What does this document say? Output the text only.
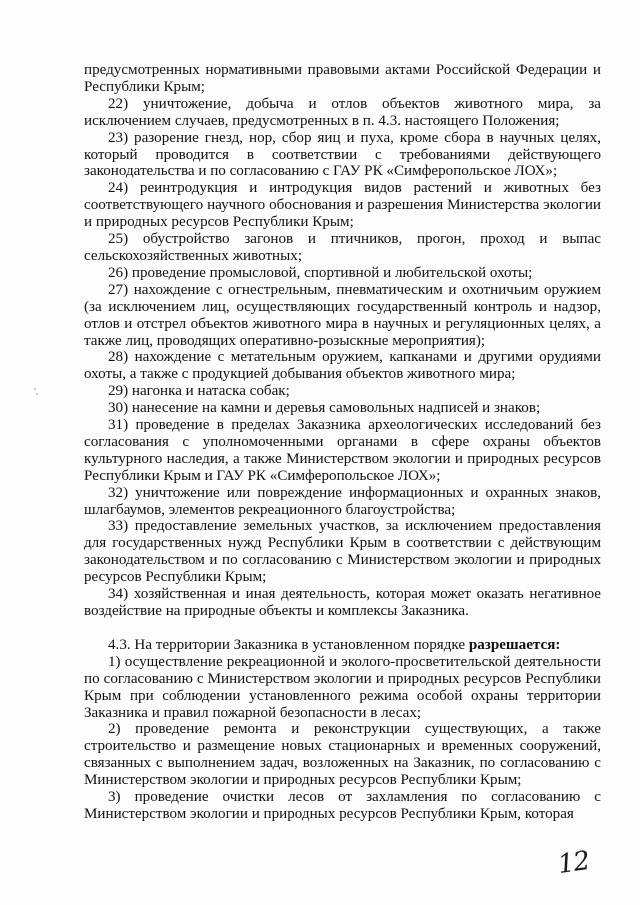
предусмотренных нормативными правовыми актами Российской Федерации и Республики Крым;

22) уничтожение, добыча и отлов объектов животного мира, за исключением случаев, предусмотренных в п. 4.3. настоящего Положения;

23) разорение гнезд, нор, сбор яиц и пуха, кроме сбора в научных целях, который проводится в соответствии с требованиями действующего законодательства и по согласованию с ГАУ РК «Симферопольское ЛОХ»;

24) реинтродукция и интродукция видов растений и животных без соответствующего научного обоснования и разрешения Министерства экологии и природных ресурсов Республики Крым;

25) обустройство загонов и птичников, прогон, проход и выпас сельскохозяйственных животных;

26) проведение промысловой, спортивной и любительской охоты;

27) нахождение с огнестрельным, пневматическим и охотничьим оружием (за исключением лиц, осуществляющих государственный контроль и надзор, отлов и отстрел объектов животного мира в научных и регуляционных целях, а также лиц, проводящих оперативно-розыскные мероприятия);

28) нахождение с метательным оружием, капканами и другими орудиями охоты, а также с продукцией добывания объектов животного мира;

29) нагонка и натаска собак;

30) нанесение на камни и деревья самовольных надписей и знаков;

31) проведение в пределах Заказника археологических исследований без согласования с уполномоченными органами в сфере охраны объектов культурного наследия, а также Министерством экологии и природных ресурсов Республики Крым и ГАУ РК «Симферопольское ЛОХ»;

32) уничтожение или повреждение информационных и охранных знаков, шлагбаумов, элементов рекреационного благоустройства;

33) предоставление земельных участков, за исключением предоставления для государственных нужд Республики Крым в соответствии с действующим законодательством и по согласованию с Министерством экологии и природных ресурсов Республики Крым;

34) хозяйственная и иная деятельность, которая может оказать негативное воздействие на природные объекты и комплексы Заказника.

4.3. На территории Заказника в установленном порядке разрешается:

1) осуществление рекреационной и эколого-просветительской деятельности по согласованию с Министерством экологии и природных ресурсов Республики Крым при соблюдении установленного режима особой охраны территории Заказника и правил пожарной безопасности в лесах;

2) проведение ремонта и реконструкции существующих, а также строительство и размещение новых стационарных и временных сооружений, связанных с выполнением задач, возложенных на Заказник, по согласованию с Министерством экологии и природных ресурсов Республики Крым;

3) проведение очистки лесов от захламления по согласованию с Министерством экологии и природных ресурсов Республики Крым, которая

12
